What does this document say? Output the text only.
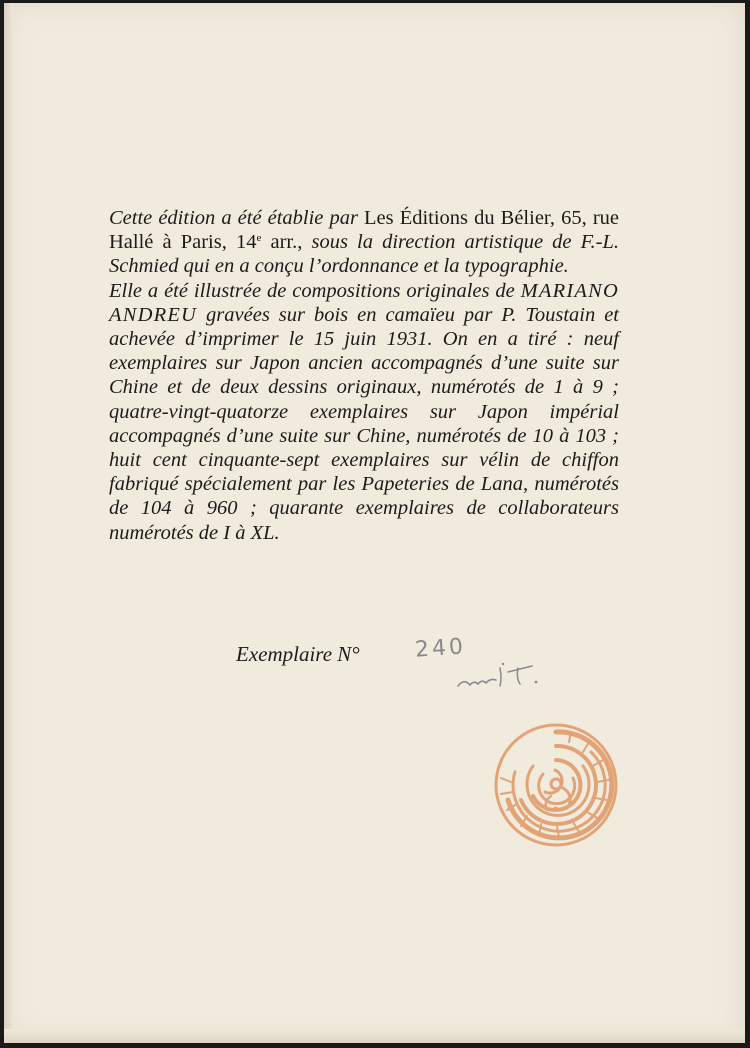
Cette édition a été établie par Les Éditions du Bélier, 65, rue Hallé à Paris, 14e arr., sous la direction artistique de F.-L. Schmied qui en a conçu l’ordonnance et la typographie.

Elle a été illustrée de compositions originales de MARIANO ANDREU gravées sur bois en camaïeu par P. Toustain et achevée d’imprimer le 15 juin 1931. On en a tiré : neuf exemplaires sur Japon ancien accompagnés d’une suite sur Chine et de deux dessins originaux, numérotés de 1 à 9 ; quatre-vingt-quatorze exemplaires sur Japon impérial accompagnés d’une suite sur Chine, numérotés de 10 à 103 ; huit cent cinquante-sept exemplaires sur vélin de chiffon fabriqué spécialement par les Papeteries de Lana, numérotés de 104 à 960 ; quarante exemplaires de collaborateurs numérotés de I à XL.

Exemplaire N° 240
